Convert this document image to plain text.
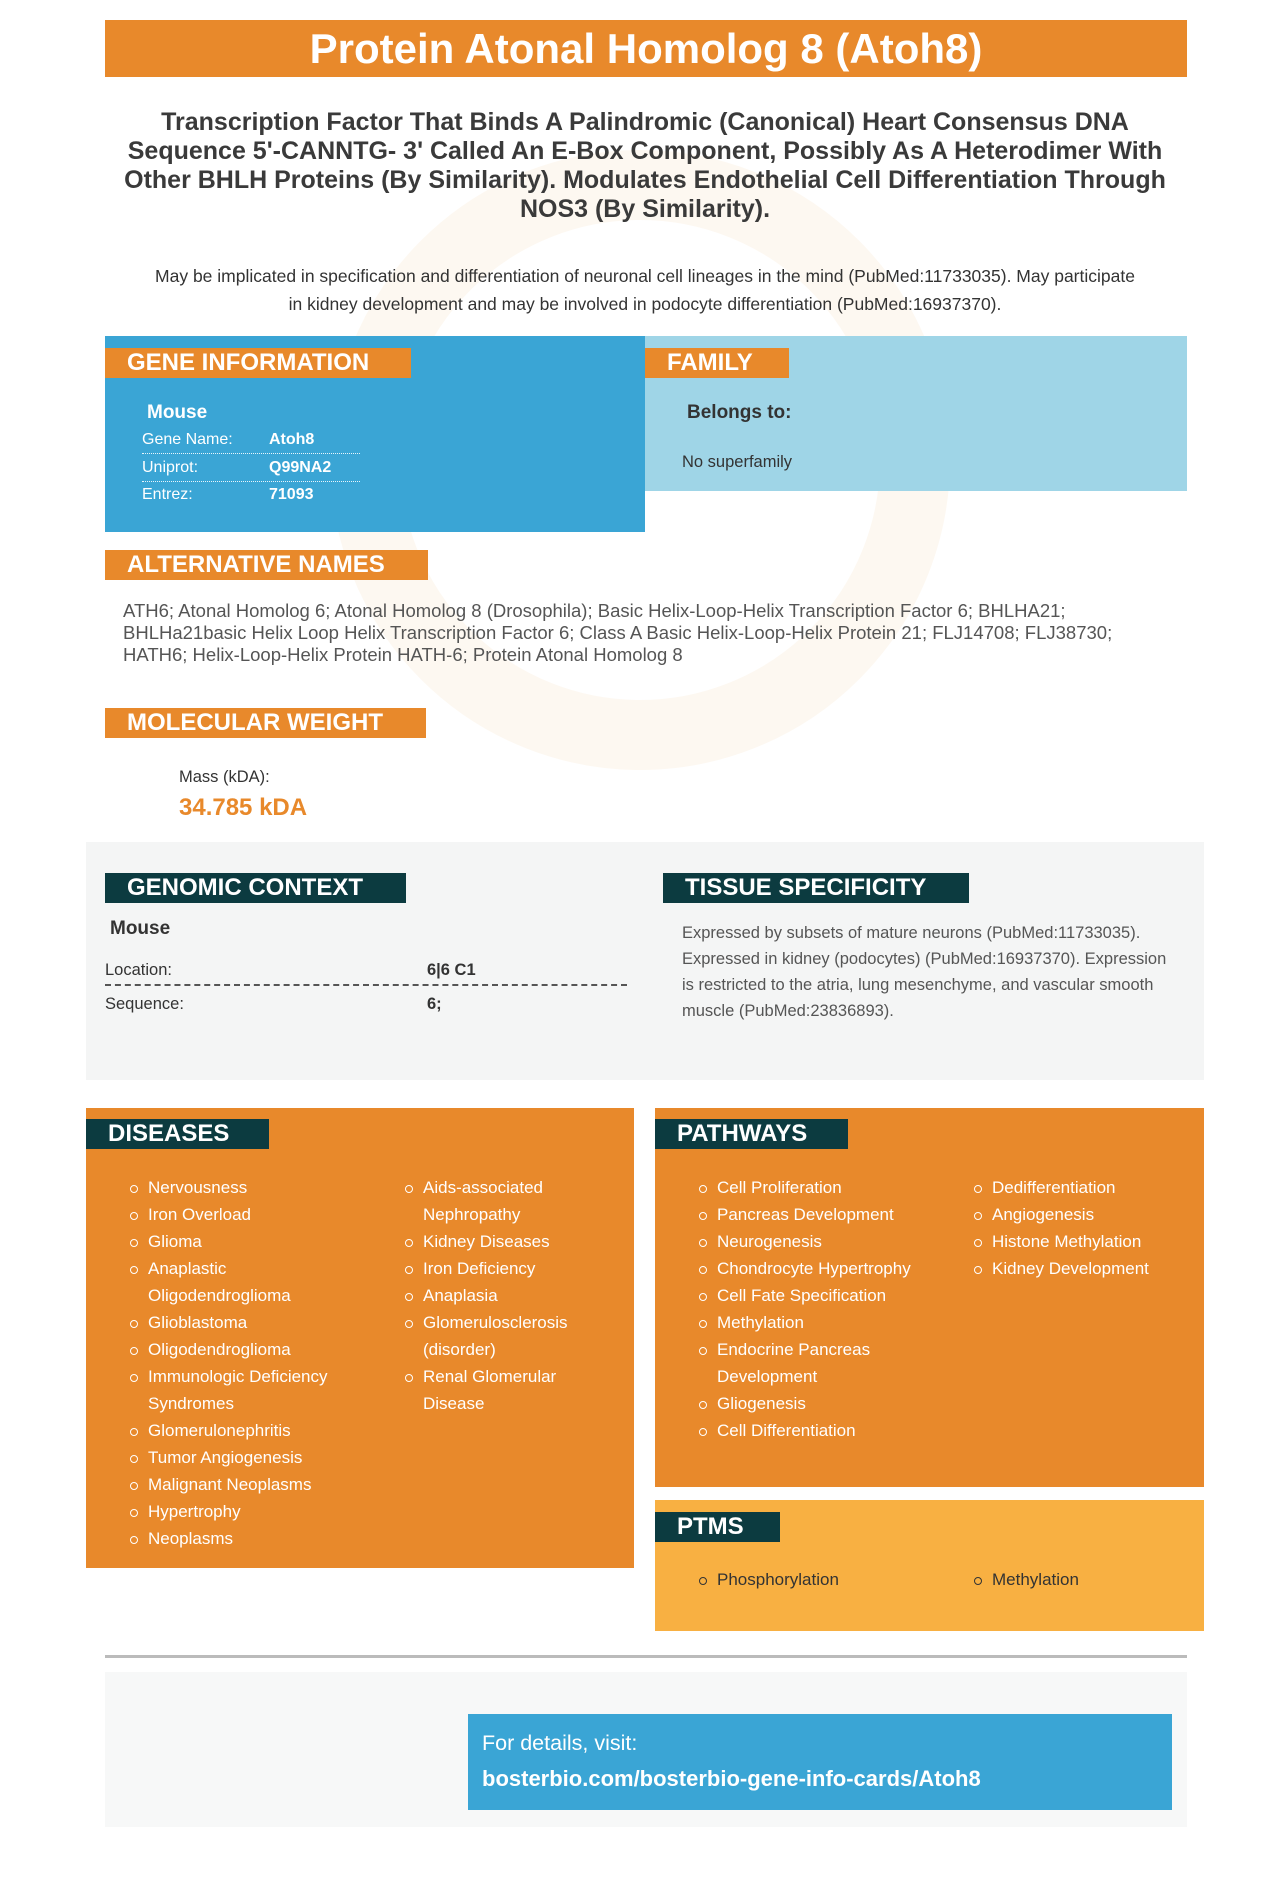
Protein Atonal Homolog 8 (Atoh8)
Transcription Factor That Binds A Palindromic (Canonical) Heart Consensus DNA Sequence 5'-CANNTG- 3' Called An E-Box Component, Possibly As A Heterodimer With Other BHLH Proteins (By Similarity). Modulates Endothelial Cell Differentiation Through NOS3 (By Similarity).
May be implicated in specification and differentiation of neuronal cell lineages in the mind (PubMed:11733035). May participate in kidney development and may be involved in podocyte differentiation (PubMed:16937370).
Mouse
Gene Name: Atoh8
Uniprot:	Q99NA2
Entrez:	71093
GENE INFORMATION
Belongs to:
No superfamily
FAMILY
ALTERNATIVE NAMES
ATH6; Atonal Homolog 6; Atonal Homolog 8 (Drosophila); Basic Helix-Loop-Helix Transcription Factor 6; BHLHA21; BHLHa21basic Helix Loop Helix Transcription Factor 6; Class A Basic Helix-Loop-Helix Protein 21; FLJ14708; FLJ38730; HATH6; Helix-Loop-Helix Protein HATH-6; Protein Atonal Homolog 8
MOLECULAR WEIGHT
Mass (kDA):
34.785 kDA
GENOMIC CONTEXT
Mouse
Location:	6|6 C1
Sequence:	6;
TISSUE SPECIFICITY
Expressed by subsets of mature neurons (PubMed:11733035). Expressed in kidney (podocytes) (PubMed:16937370). Expression is restricted to the atria, lung mesenchyme, and vascular smooth muscle (PubMed:23836893).
DISEASES
Nervousness
Iron Overload
Glioma
Anaplastic Oligodendroglioma
Glioblastoma
Oligodendroglioma
Immunologic Deficiency Syndromes
Glomerulonephritis
Tumor Angiogenesis
Malignant Neoplasms
Hypertrophy
Neoplasms
Aids-associated Nephropathy
Kidney Diseases
Iron Deficiency
Anaplasia
Glomerulosclerosis (disorder)
Renal Glomerular Disease
PATHWAYS
Cell Proliferation
Pancreas Development
Neurogenesis
Chondrocyte Hypertrophy
Cell Fate Specification
Methylation
Endocrine Pancreas Development
Gliogenesis
Cell Differentiation
Dedifferentiation
Angiogenesis
Histone Methylation
Kidney Development
PTMS
Phosphorylation	Methylation
For details, visit:
bosterbio.com/bosterbio-gene-info-cards/Atoh8
